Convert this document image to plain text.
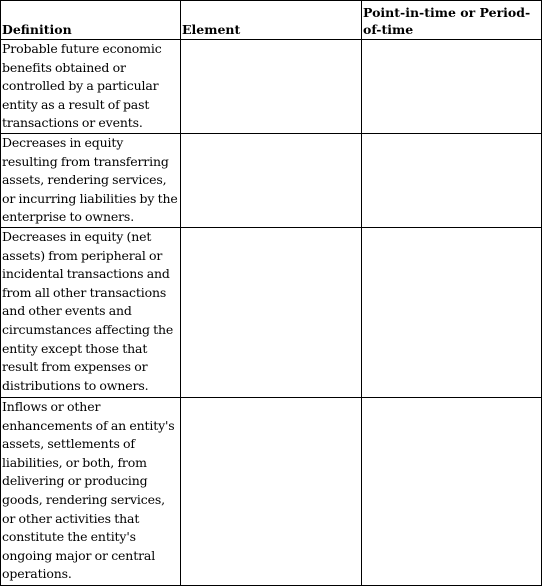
Definition	Element	Point-in-time or Period-of-time

Probable future economic benefits obtained or controlled by a particular entity as a result of past transactions or events.		

Decreases in equity resulting from transferring assets, rendering services, or incurring liabilities by the enterprise to owners.		

Decreases in equity (net assets) from peripheral or incidental transactions and from all other transactions and other events and circumstances affecting the entity except those that result from expenses or distributions to owners.		

Inflows or other enhancements of an entity's assets, settlements of liabilities, or both, from delivering or producing goods, rendering services, or other activities that constitute the entity's ongoing major or central operations.		
